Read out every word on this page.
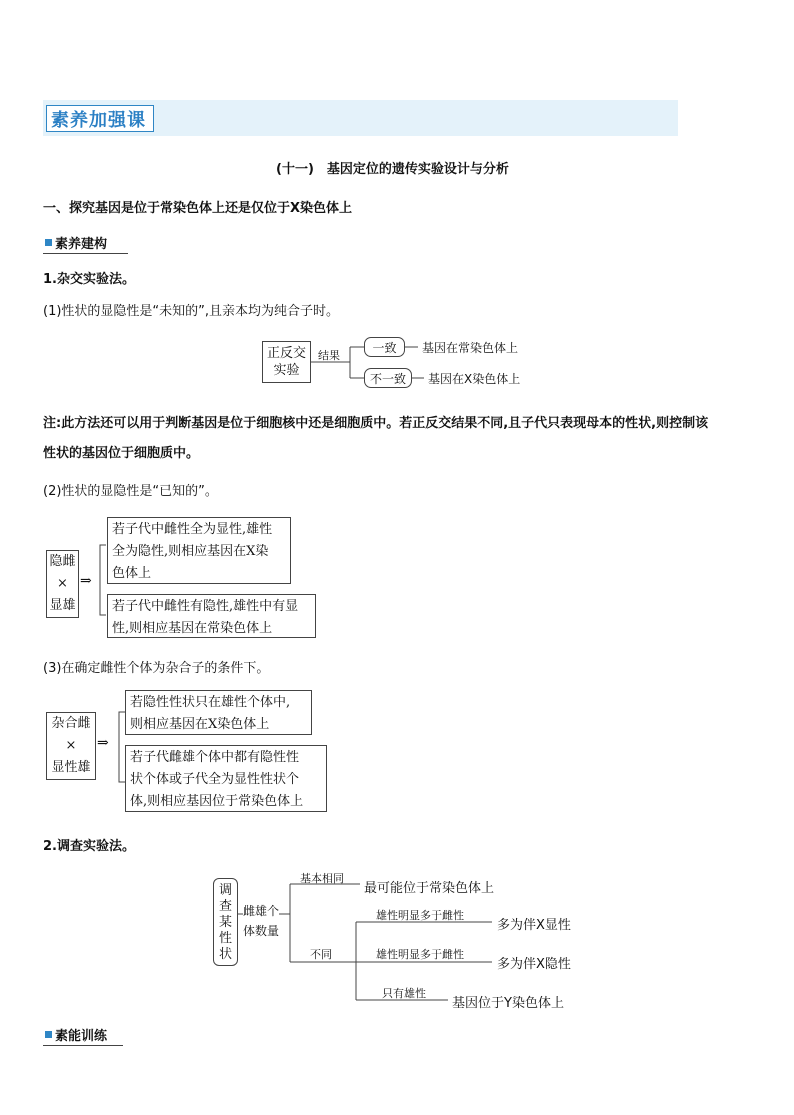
素养加强课
(十一)　基因定位的遗传实验设计与分析
一、探究基因是位于常染色体上还是仅位于X染色体上
素养建构
1.杂交实验法。
(1)性状的显隐性是“未知的”,且亲本均为纯合子时。
正反交
实验
结果
一致	基因在常染色体上
不一致	基因在X染色体上
注:此方法还可以用于判断基因是位于细胞核中还是细胞质中。若正反交结果不同,且子代只表现母本的性状,则控制该
性状的基因位于细胞质中。
(2)性状的显隐性是“已知的”。
隐雌
×
显雄
⇒
若子代中雌性全为显性,雄性
全为隐性,则相应基因在X染
色体上
若子代中雌性有隐性,雄性中有显
性,则相应基因在常染色体上
(3)在确定雌性个体为杂合子的条件下。
杂合雌
×
显性雄
⇒
若隐性性状只在雄性个体中,
则相应基因在X染色体上
若子代雌雄个体中都有隐性性
状个体或子代全为显性性状个
体,则相应基因位于常染色体上
2.调查实验法。
调查某性状
雌雄个
体数量
基本相同
最可能位于常染色体上
不同
雄性明显多于雌性
多为伴X显性
雄性明显多于雌性
多为伴X隐性
只有雄性
基因位于Y染色体上
素能训练
